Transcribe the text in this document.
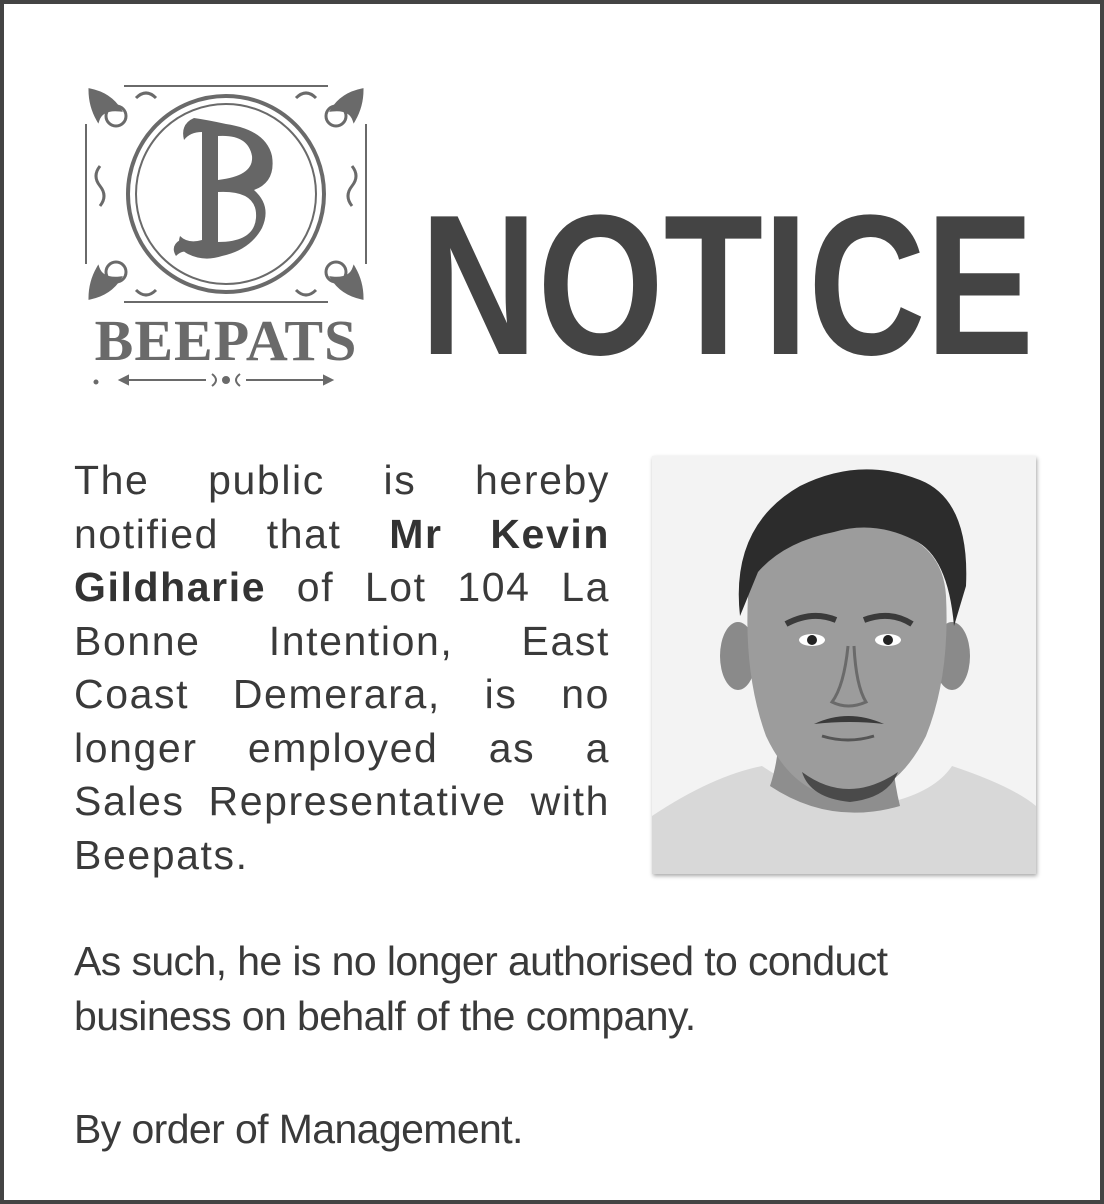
BEEPATS NOTICE

The public is hereby notified that Mr Kevin Gildharie of Lot 104 La Bonne Intention, East Coast Demerara, is no longer employed as a Sales Representative with Beepats.

As such, he is no longer authorised to conduct business on behalf of the company.

By order of Management.
